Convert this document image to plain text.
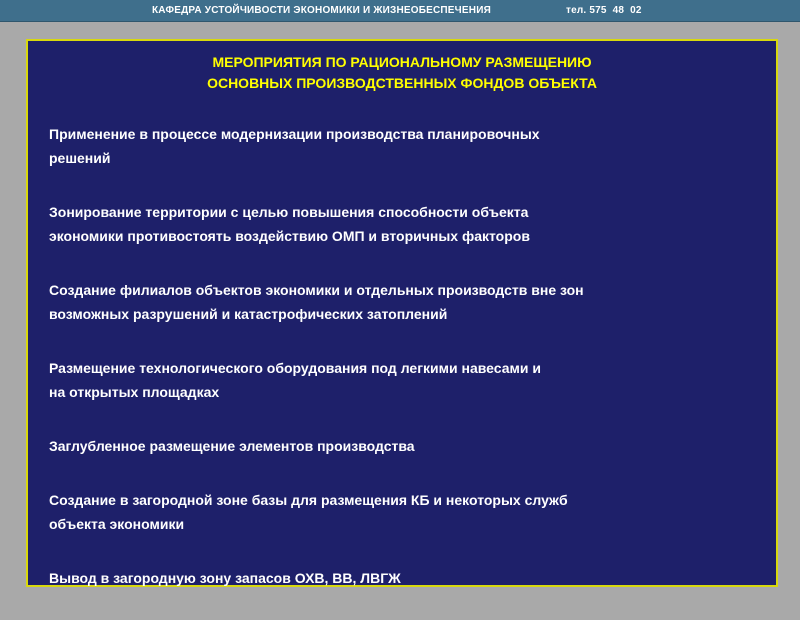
КАФЕДРА УСТОЙЧИВОСТИ ЭКОНОМИКИ И ЖИЗНЕОБЕСПЕЧЕНИЯ	тел. 575  48  02
МЕРОПРИЯТИЯ ПО РАЦИОНАЛЬНОМУ РАЗМЕЩЕНИЮ
ОСНОВНЫХ ПРОИЗВОДСТВЕННЫХ ФОНДОВ ОБЪЕКТА
Применение в процессе модернизации производства планировочных
решений
Зонирование территории с целью повышения способности объекта
экономики противостоять воздействию ОМП и вторичных факторов
Создание филиалов объектов экономики и отдельных производств вне зон
возможных разрушений и катастрофических затоплений
Размещение технологического оборудования под легкими навесами и
на открытых площадках
Заглубленное размещение элементов производства
Создание в загородной зоне базы для размещения КБ и некоторых служб
объекта экономики
Вывод в загородную зону запасов ОХВ, ВВ, ЛВГЖ
